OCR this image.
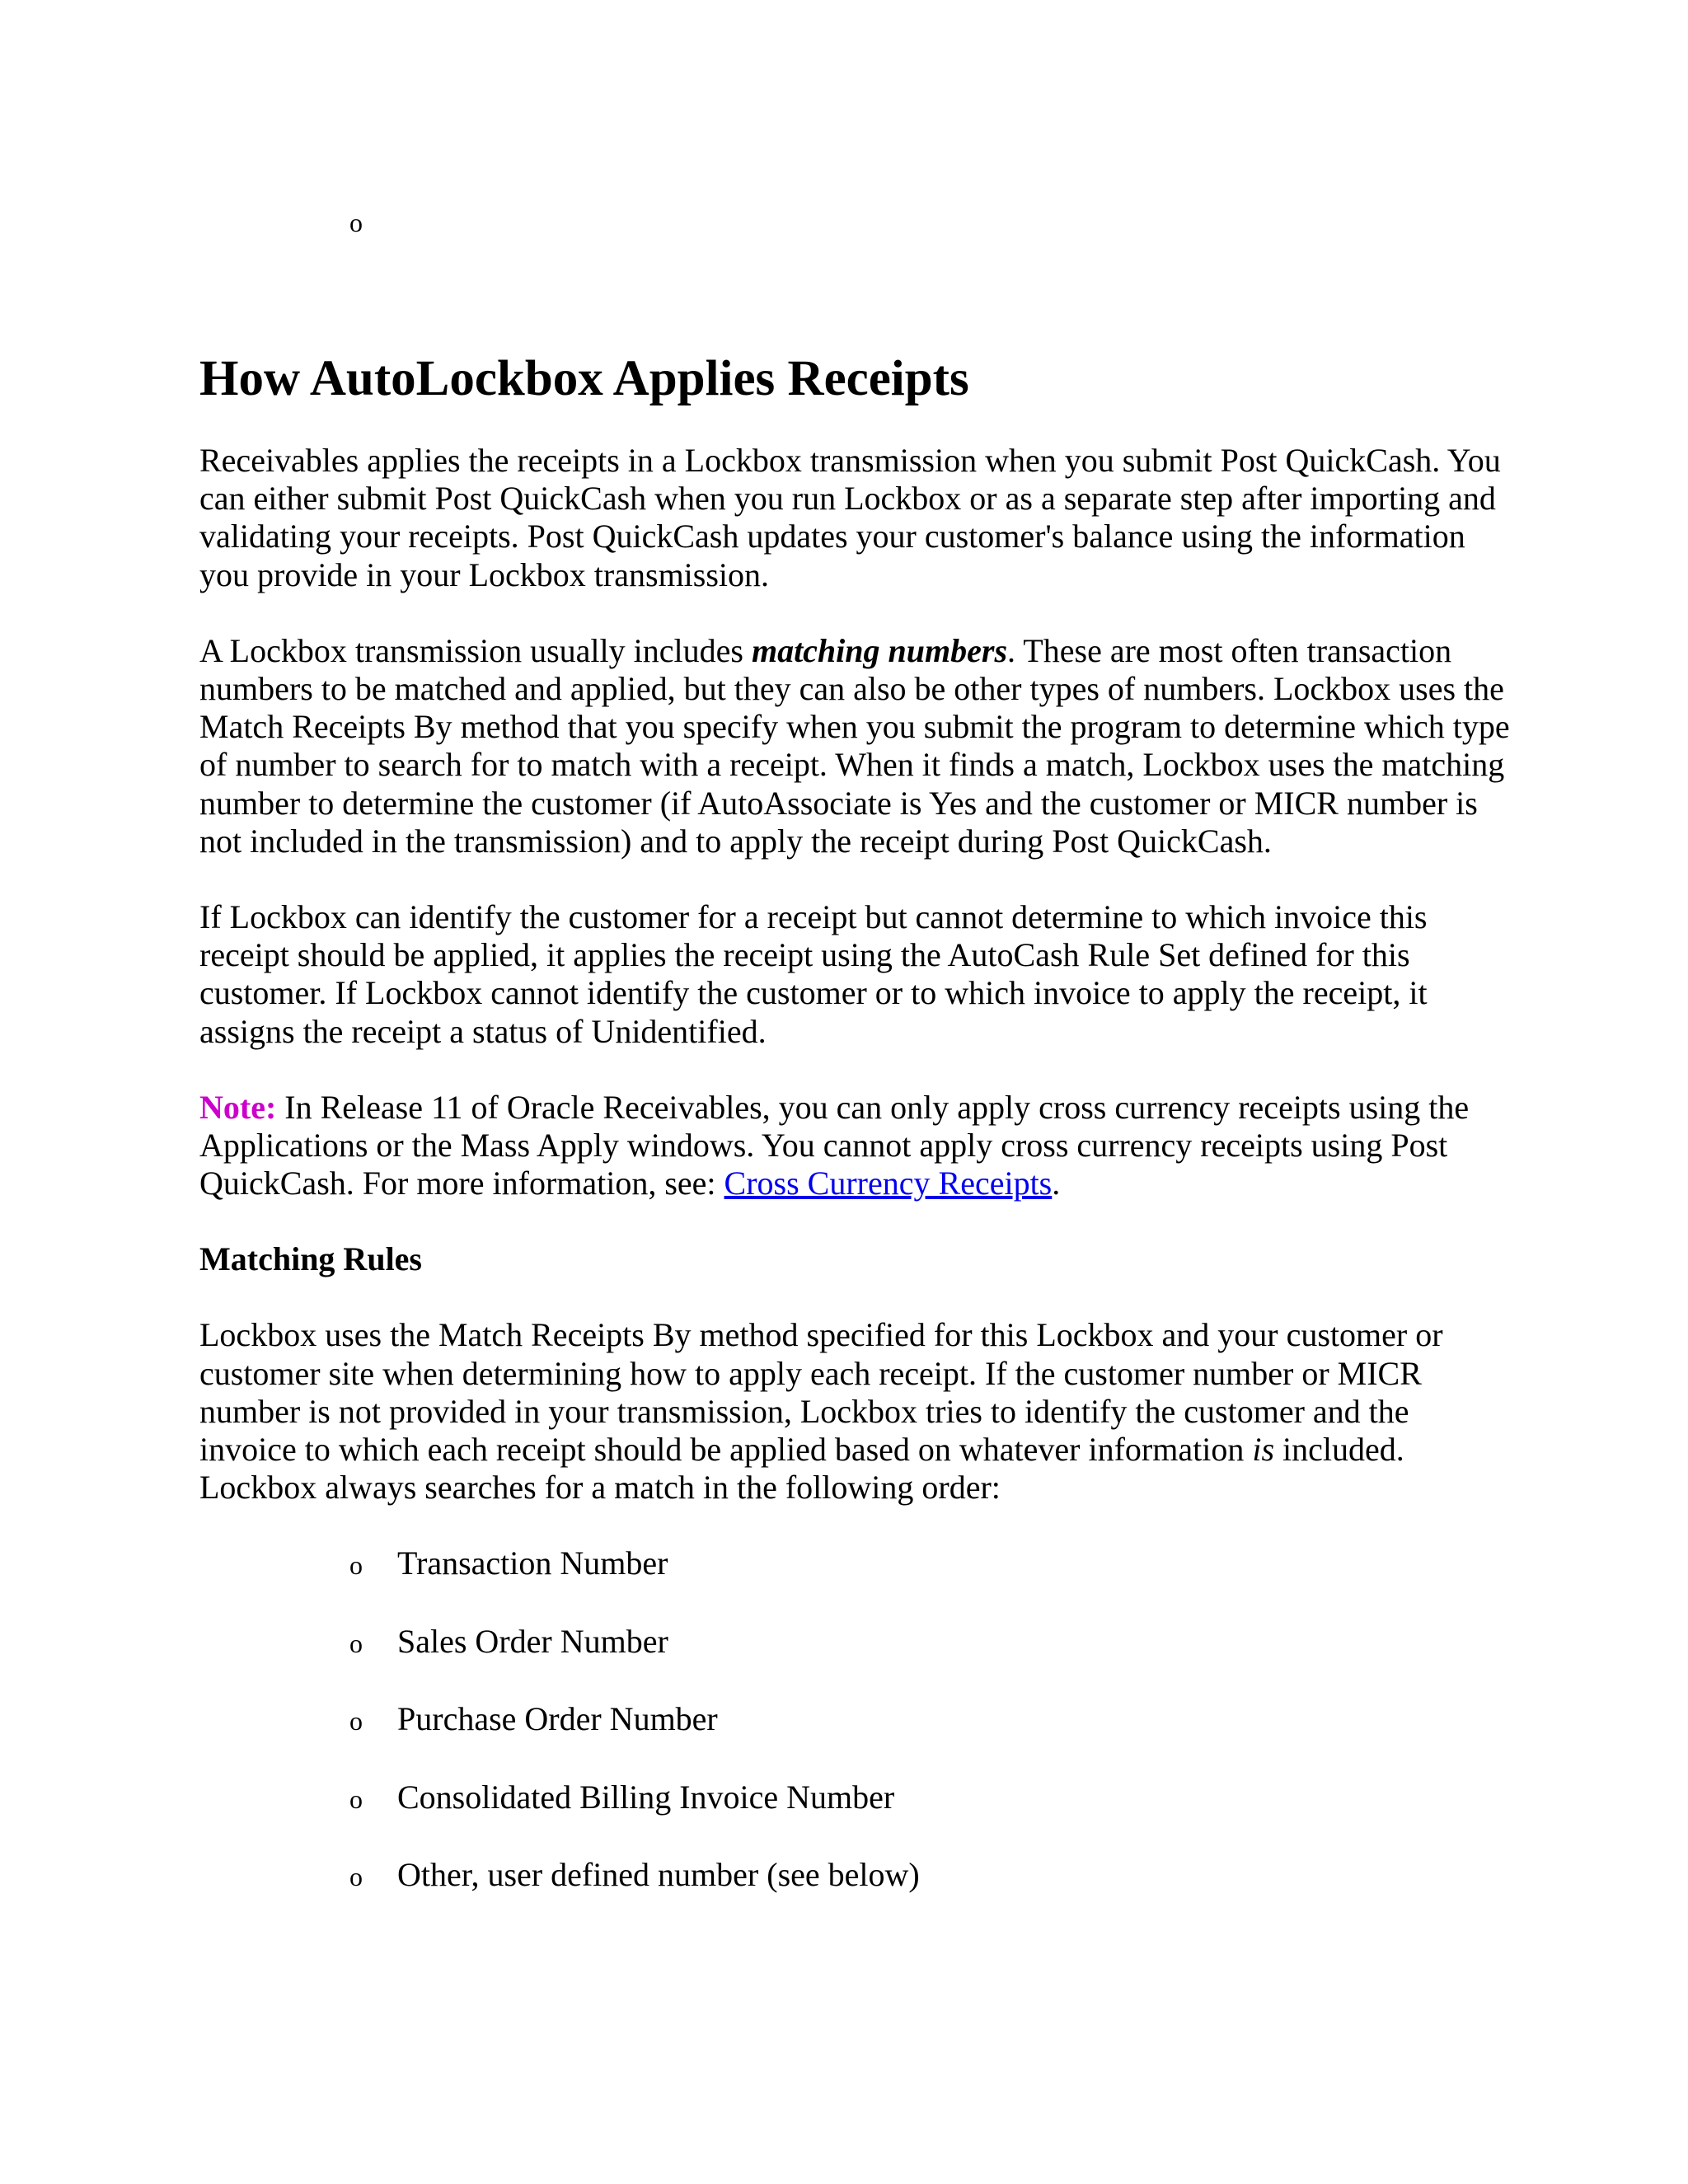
o
How AutoLockbox Applies Receipts

Receivables applies the receipts in a Lockbox transmission when you submit Post QuickCash. You can either submit Post QuickCash when you run Lockbox or as a separate step after importing and validating your receipts. Post QuickCash updates your customer's balance using the information you provide in your Lockbox transmission.

A Lockbox transmission usually includes matching numbers. These are most often transaction numbers to be matched and applied, but they can also be other types of numbers. Lockbox uses the Match Receipts By method that you specify when you submit the program to determine which type of number to search for to match with a receipt. When it finds a match, Lockbox uses the matching number to determine the customer (if AutoAssociate is Yes and the customer or MICR number is not included in the transmission) and to apply the receipt during Post QuickCash.

If Lockbox can identify the customer for a receipt but cannot determine to which invoice this receipt should be applied, it applies the receipt using the AutoCash Rule Set defined for this customer. If Lockbox cannot identify the customer or to which invoice to apply the receipt, it assigns the receipt a status of Unidentified.

Note: In Release 11 of Oracle Receivables, you can only apply cross currency receipts using the Applications or the Mass Apply windows. You cannot apply cross currency receipts using Post QuickCash. For more information, see: Cross Currency Receipts.

Matching Rules

Lockbox uses the Match Receipts By method specified for this Lockbox and your customer or customer site when determining how to apply each receipt. If the customer number or MICR number is not provided in your transmission, Lockbox tries to identify the customer and the invoice to which each receipt should be applied based on whatever information is included. Lockbox always searches for a match in the following order:

o Transaction Number
o Sales Order Number
o Purchase Order Number
o Consolidated Billing Invoice Number
o Other, user defined number (see below)
